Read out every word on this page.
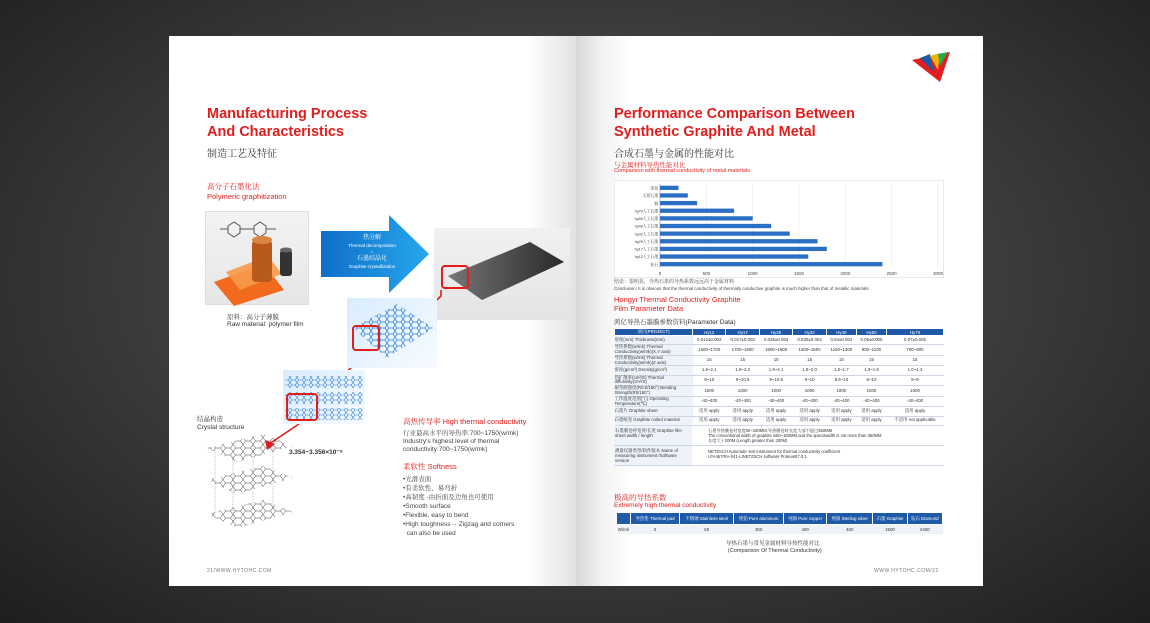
Manufacturing Process
And Characteristics
制造工艺及特征
高分子石墨化法
Polymeric graphitization
原料：高分子薄膜
Raw material: polymer film
热分解
Thermal decomposition
↓
石墨结晶化
Graphite crystallization
结晶构造
Crystal structure
3.354~3.356×10⁻⁸
高热传导率 High thermal conductivity
行业最高水平的导热率:700~1750(w/mk)
Industry's highest level of thermal
conductivity:700~1750(w/mk)
柔软性 Softness
•光滑表面
•有柔软性、易弯折
•高韧度 -由折面及边角也可使用
•Smooth surface
•Flexible, easy to bend
•High toughness→ Zigzag and corners
can also be used
21/WWW.HYTOHC.COM
Performance Comparison Between
Synthetic Graphite And Metal
合成石墨与金属的性能对比
与金属材料导热性能对比
Comparison with thermal conductivity of metal materials
0	500	1000	1500	2000	2500	3000
钻石
hy12人工石墨
hy17人工石墨
hy25人工石墨
hy32人工石墨
hy40人工石墨
hy50人工石墨
hy70人工石墨
铜
天然石墨
纯铝
结论：很明显，导热石墨的导热系数远远高于金属材料
Conclusion: It is obvious that the thermal conductivity of thermally conductive graphite is much higher than that of metallic materials.
Hongyi Thermal Conductivity Graphite
Film Parameter Data
鸿亿导热石墨膜参数资料(Parameter Data)
项目(PROJECT)	Hy12	Hy17	Hy25	Hy32	Hy40	Hy50	Hy70
厚度(mm) Thickness(mm)	0.012±0.002	0.017±0.003	0.025±0.003	0.030±0.004	0.04±0.004	0.05±0.005	0.07±0.005
导热系数(w/mk) Thermal Conductivity(w/mk)(X,Y axis)	1500~1700	1700~1900	1600~1800	1300~1500	1150~1300	900~1100	700~900
导热系数(w/mk) Thermal Conductivity(w/mk)(Z axis)	15	15	15	15	15	15	15
密度(g/cm³) Density(g/cm³)	1.8~2.1	1.9~2.2	1.9~2.1	1.8~2.0	1.5~1.7	1.3~1.5	1.0~1.3
热扩散率(cm²/S) Thermal diffusivity(cm²/S)	9~10	9~10.5	9~10.5	9~10	8.5~10	8~10	8~9
耐弯曲强度(R0.0/180°) Bending Strength(R0/180°)	1000	1000	1000	1000	1000	1000	1000
工作温度范围(℃) Operating Temperature(℃)	-40~400	-40~400	-40~400	-40~400	-40~400	-40~400	-40~400
石墨片 Graphite sheet	适用 apply	适用 apply	适用 apply	适用 apply	适用 apply	适用 apply	适用 apply
石墨纸卷 Graphite coiled material	适用 apply	适用 apply	适用 apply	适用 apply	适用 apply	适用 apply	不适用 not applicable
石墨膜卷材宽度/长度 Graphite film sheet width / length
石墨导热膜卷材宽度50~180MM,导热膜卷材长度大部不超过350MM
The conventional width of graphite is50~180MM,and the speciawidth is not more than 350MM
长度大于200M (Length greater than 200M)
测量仪器类型/软件版本 Name of measuring instrument /Software version
NETZSCH Automatic test instrument for thermal conductivity coefficient
LFA467/RA-041-LINETZSCH software Proteus87.0.1
极高的导热系数
Extremely high thermal conductivity
	导热垫 Thermal pad	不锈钢 Stainless steel	纯铝 Pure aluminum	纯铜 Pure copper	纯银 Sterling silver	石墨 Graphite	钻石 Diamond
W/mk	0	50	300	400	400	1500	2400
导热石墨与常见金属材料导热性能对比
(Comparison Of Thermal Conductivity)
WWW.HYTOHC.COM/22
